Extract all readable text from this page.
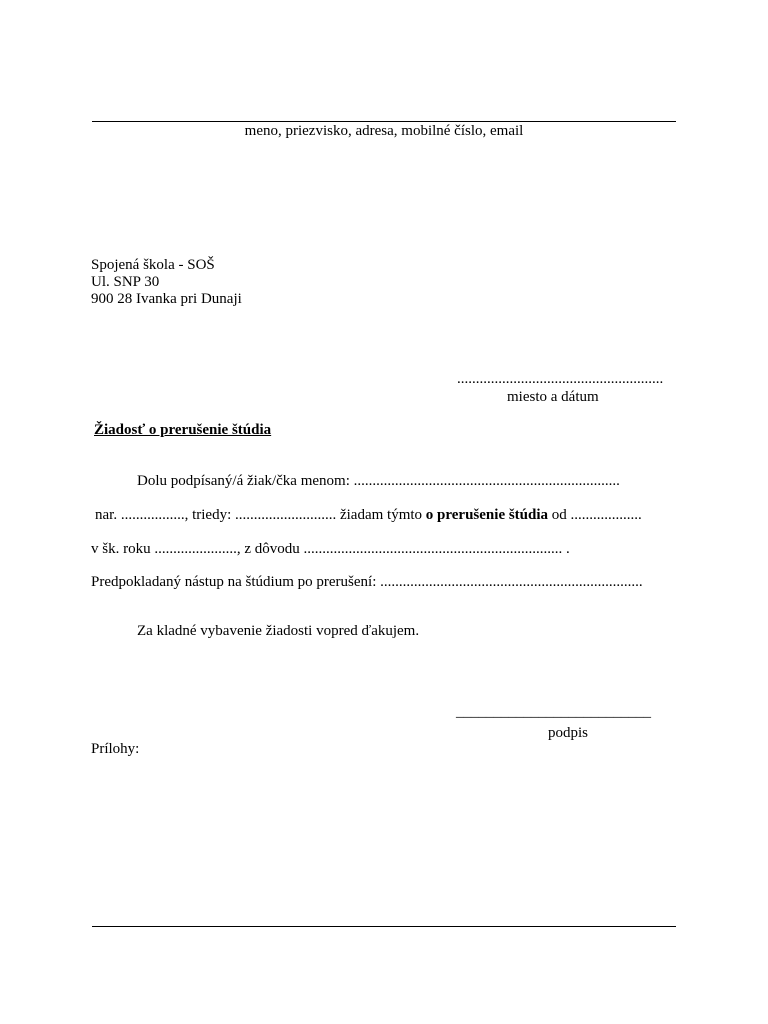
meno, priezvisko, adresa, mobilné číslo, email
Spojená škola - SOŠ
Ul. SNP 30
900 28 Ivanka pri Dunaji
.......................................................
miesto a dátum
Žiadosť o prerušenie štúdia
Dolu podpísaný/á žiak/čka menom: .......................................................................
nar. ................., triedy: ........................... žiadam týmto o prerušenie štúdia od ...................
v šk. roku ......................, z dôvodu ..................................................................... .
Predpokladaný nástup na štúdium po prerušení: ......................................................................
Za kladné vybavenie žiadosti vopred ďakujem.
__________________________
podpis
Prílohy:
